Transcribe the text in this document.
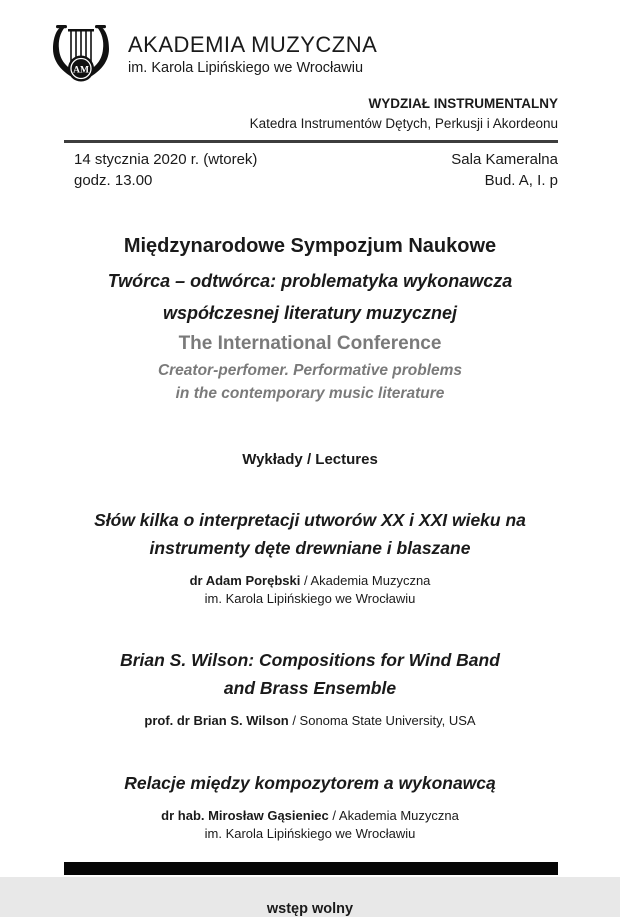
AM
AKADEMIA MUZYCZNA
im. Karola Lipińskiego we Wrocławiu
WYDZIAŁ INSTRUMENTALNY
Katedra Instrumentów Dętych, Perkusji i Akordeonu
14 stycznia 2020 r. (wtorek)
godz. 13.00
Sala Kameralna
Bud. A, I. p
Międzynarodowe Sympozjum Naukowe
Twórca – odtwórca: problematyka wykonawcza
współczesnej literatury muzycznej
The International Conference
Creator-perfomer. Performative problems
in the contemporary music literature
Wykłady / Lectures
Słów kilka o interpretacji utworów XX i XXI wieku na
instrumenty dęte drewniane i blaszane
dr Adam Porębski / Akademia Muzyczna
im. Karola Lipińskiego we Wrocławiu
Brian S. Wilson: Compositions for Wind Band
and Brass Ensemble
prof. dr Brian S. Wilson / Sonoma State University, USA
Relacje między kompozytorem a wykonawcą
dr hab. Mirosław Gąsieniec / Akademia Muzyczna
im. Karola Lipińskiego we Wrocławiu
wstęp wolny
